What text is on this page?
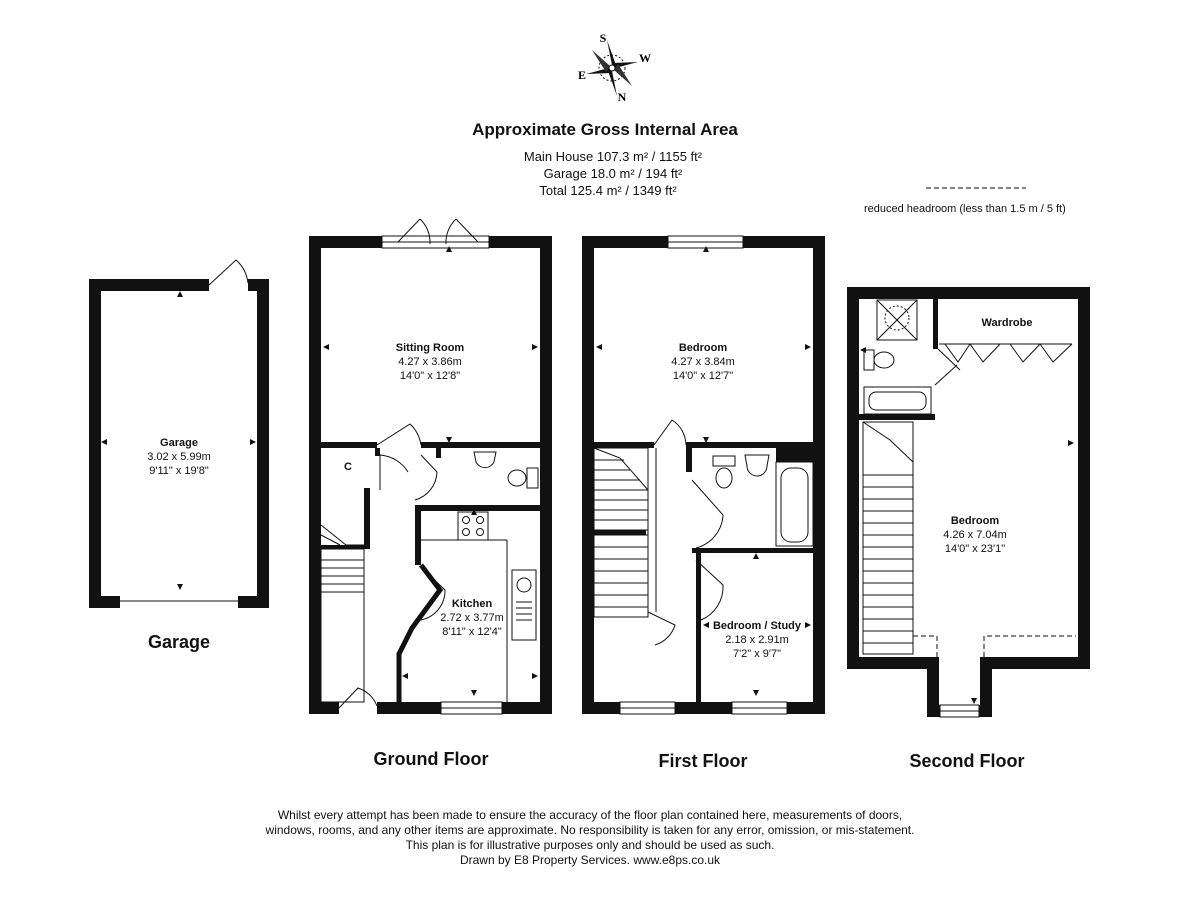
S
W
E
N
Approximate Gross Internal Area
Main House 107.3 m² / 1155 ft²
Garage 18.0 m² / 194 ft²
Total 125.4 m² / 1349 ft²
reduced headroom (less than 1.5 m / 5 ft)
Garage
3.02 x 5.99m
9'11" x 19'8"
Sitting Room
4.27 x 3.86m
14'0" x 12'8"
C
Kitchen
2.72 x 3.77m
8'11" x 12'4"
Bedroom
4.27 x 3.84m
14'0" x 12'7"
Bedroom / Study
2.18 x 2.91m
7'2" x 9'7"
Wardrobe
Bedroom
4.26 x 7.04m
14'0" x 23'1"
Garage
Ground Floor	First Floor	Second Floor
Whilst every attempt has been made to ensure the accuracy of the floor plan contained here, measurements of doors,
windows, rooms, and any other items are approximate. No responsibility is taken for any error, omission, or mis-statement.
This plan is for illustrative purposes only and should be used as such.
Drawn by E8 Property Services. www.e8ps.co.uk
